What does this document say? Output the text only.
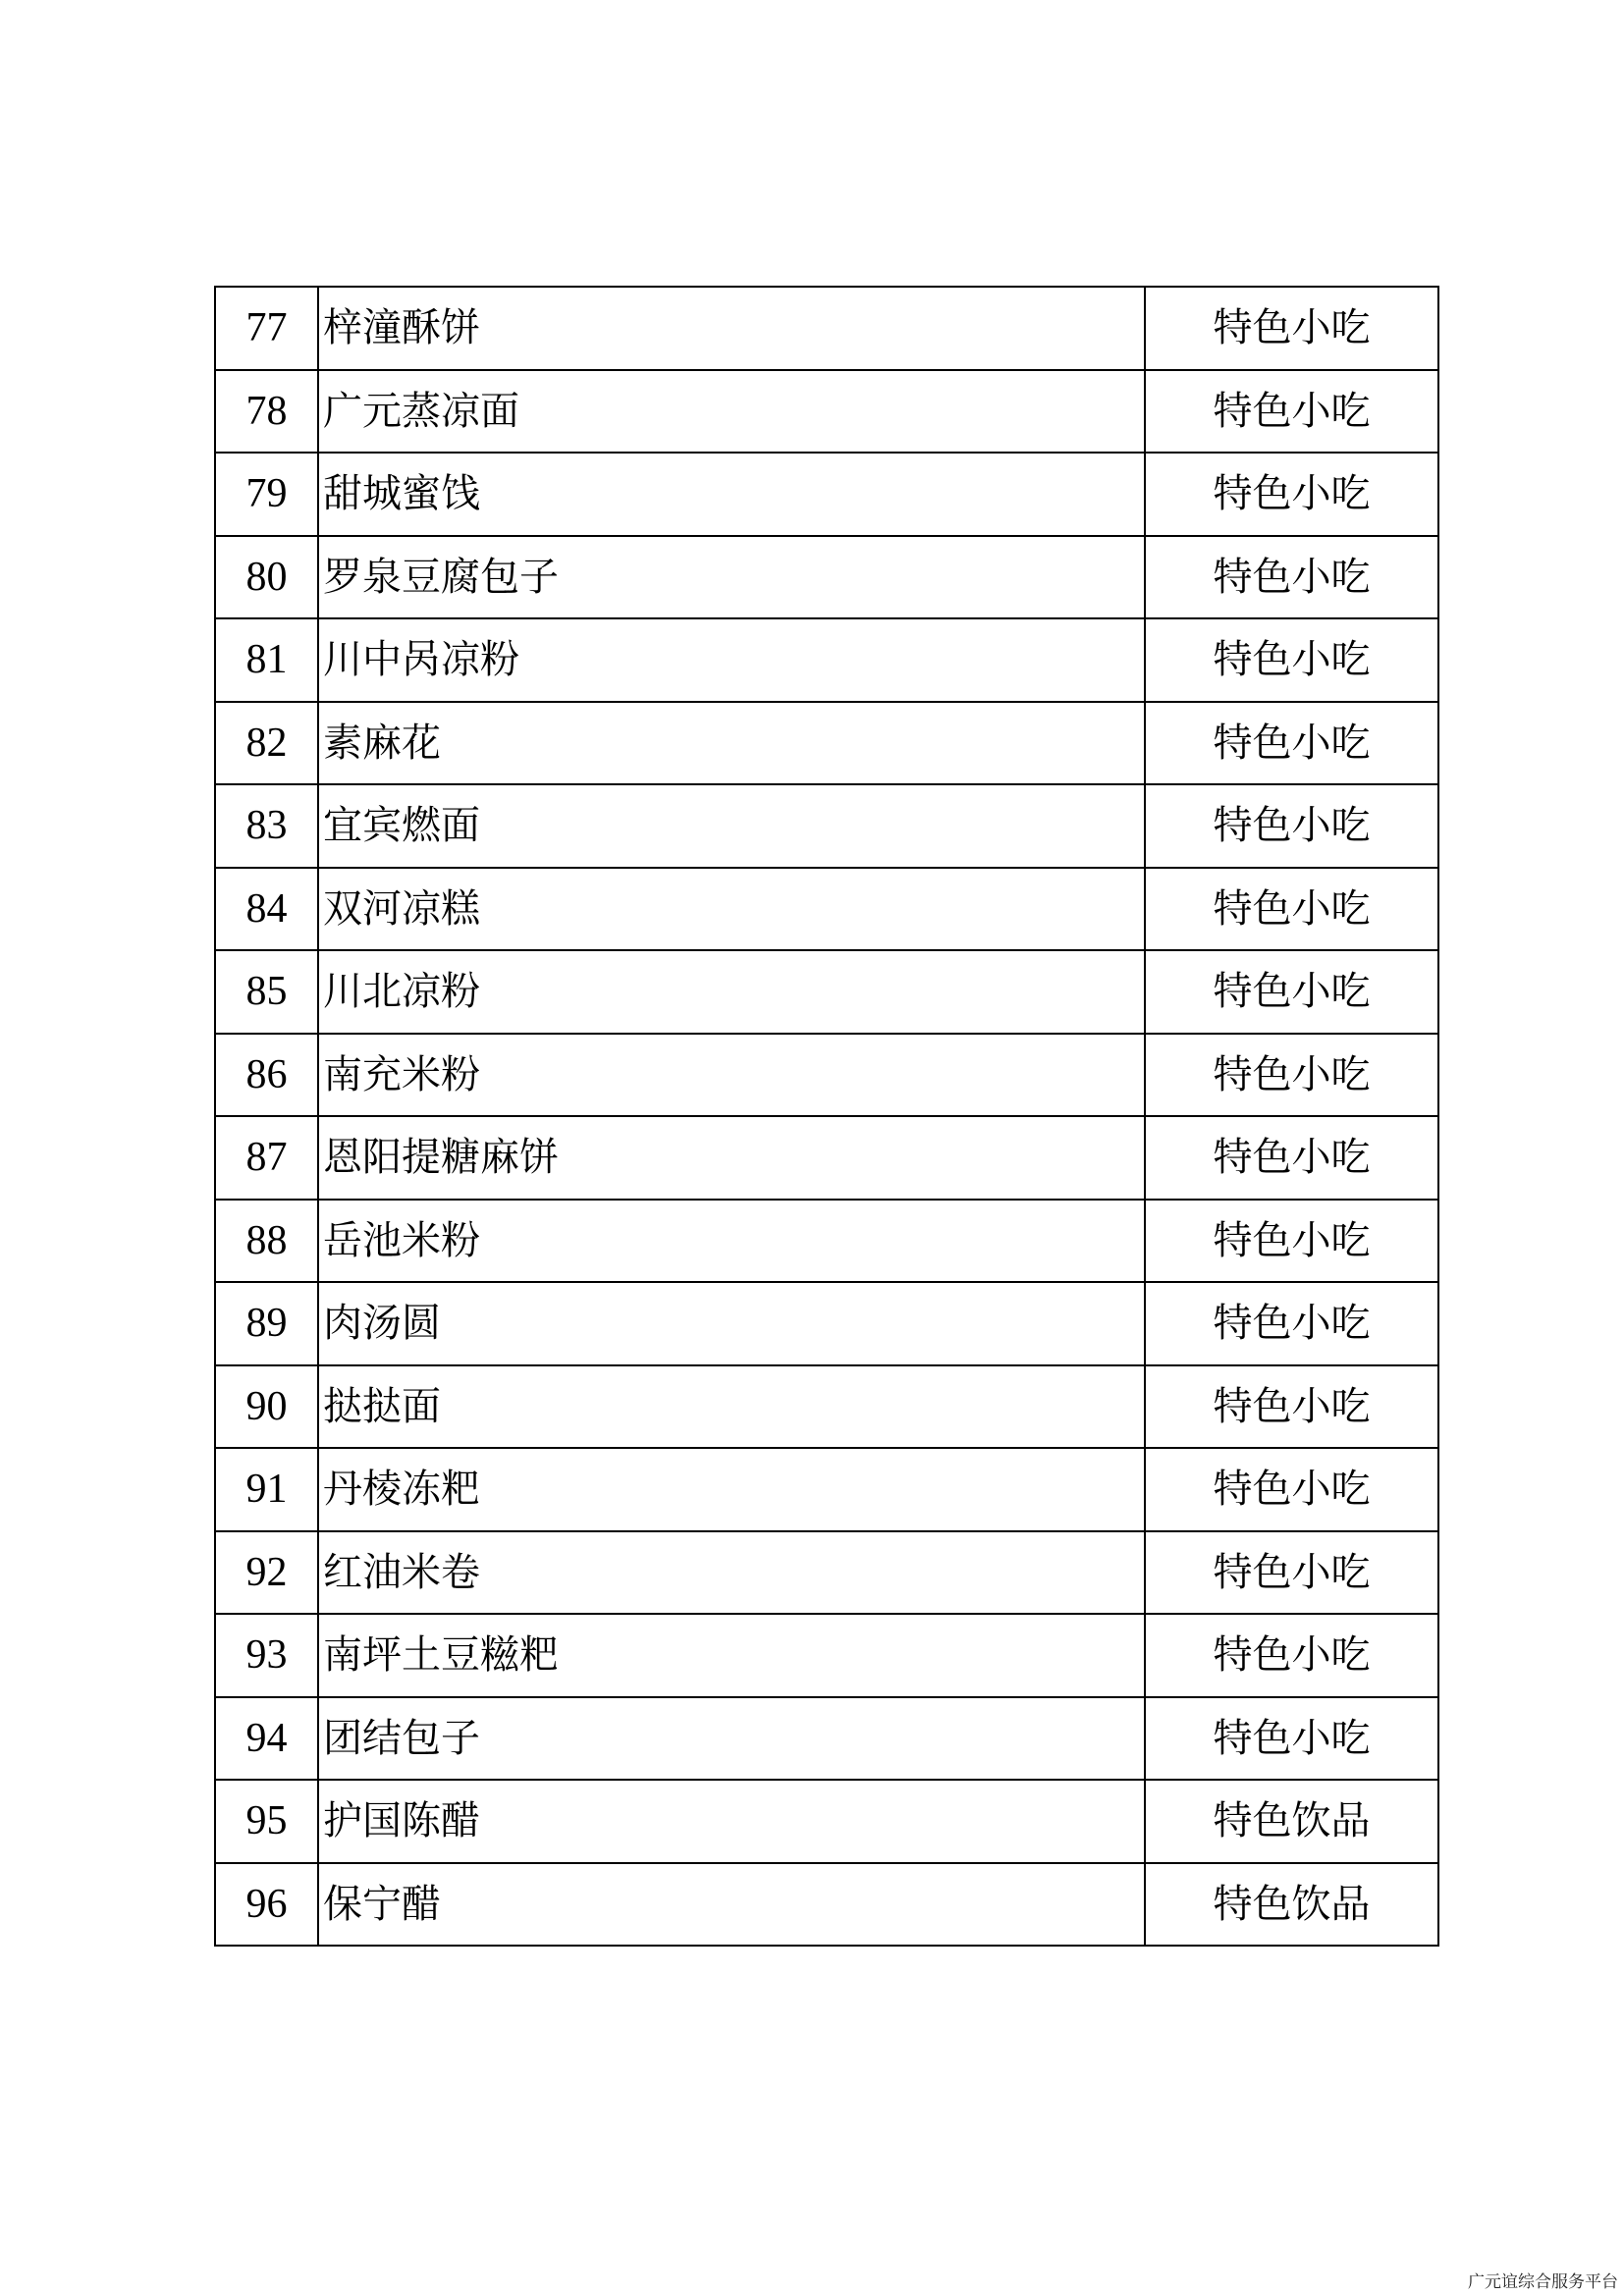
77	梓潼酥饼	特色小吃
78	广元蒸凉面	特色小吃
79	甜城蜜饯	特色小吃
80	罗泉豆腐包子	特色小吃
81	川中呙凉粉	特色小吃
82	素麻花	特色小吃
83	宜宾燃面	特色小吃
84	双河凉糕	特色小吃
85	川北凉粉	特色小吃
86	南充米粉	特色小吃
87	恩阳提糖麻饼	特色小吃
88	岳池米粉	特色小吃
89	肉汤圆	特色小吃
90	挞挞面	特色小吃
91	丹棱冻粑	特色小吃
92	红油米卷	特色小吃
93	南坪土豆糍粑	特色小吃
94	团结包子	特色小吃
95	护国陈醋	特色饮品
96	保宁醋	特色饮品
广元谊综合服务平台
